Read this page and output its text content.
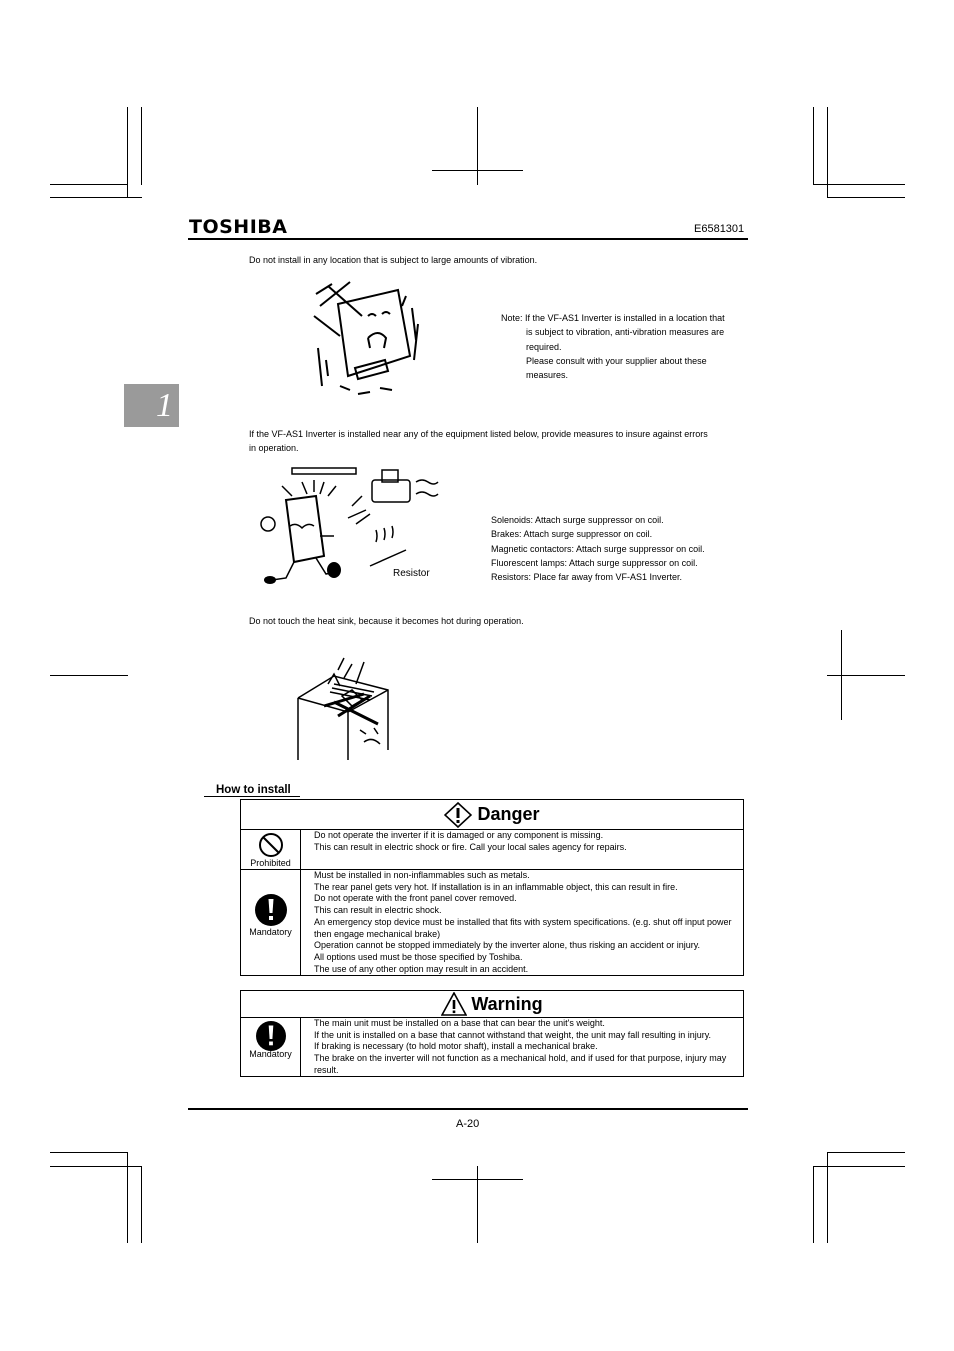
TOSHIBA	E6581301
1
Do not install in any location that is subject to large amounts of vibration.
Note: If the VF-AS1 Inverter is installed in a location that
is subject to vibration, anti-vibration measures are
required.
Please consult with your supplier about these
measures.
If the VF-AS1 Inverter is installed near any of the equipment listed below, provide measures to insure against errors
in operation.
Resistor
Solenoids: Attach surge suppressor on coil.
Brakes: Attach surge suppressor on coil.
Magnetic contactors: Attach surge suppressor on coil.
Fluorescent lamps: Attach surge suppressor on coil.
Resistors: Place far away from VF-AS1 Inverter.
Do not touch the heat sink, because it becomes hot during operation.
How to install
Danger
Prohibited
Do not operate the inverter if it is damaged or any component is missing.
This can result in electric shock or fire. Call your local sales agency for repairs.
Mandatory
Must be installed in non-inflammables such as metals.
The rear panel gets very hot. If installation is in an inflammable object, this can result in fire.
Do not operate with the front panel cover removed.
This can result in electric shock.
An emergency stop device must be installed that fits with system specifications. (e.g. shut off input power then engage mechanical brake)
Operation cannot be stopped immediately by the inverter alone, thus risking an accident or injury.
All options used must be those specified by Toshiba.
The use of any other option may result in an accident.
Warning
Mandatory
The main unit must be installed on a base that can bear the unit's weight.
If the unit is installed on a base that cannot withstand that weight, the unit may fall resulting in injury.
If braking is necessary (to hold motor shaft), install a mechanical brake.
The brake on the inverter will not function as a mechanical hold, and if used for that purpose, injury may result.
A-20
